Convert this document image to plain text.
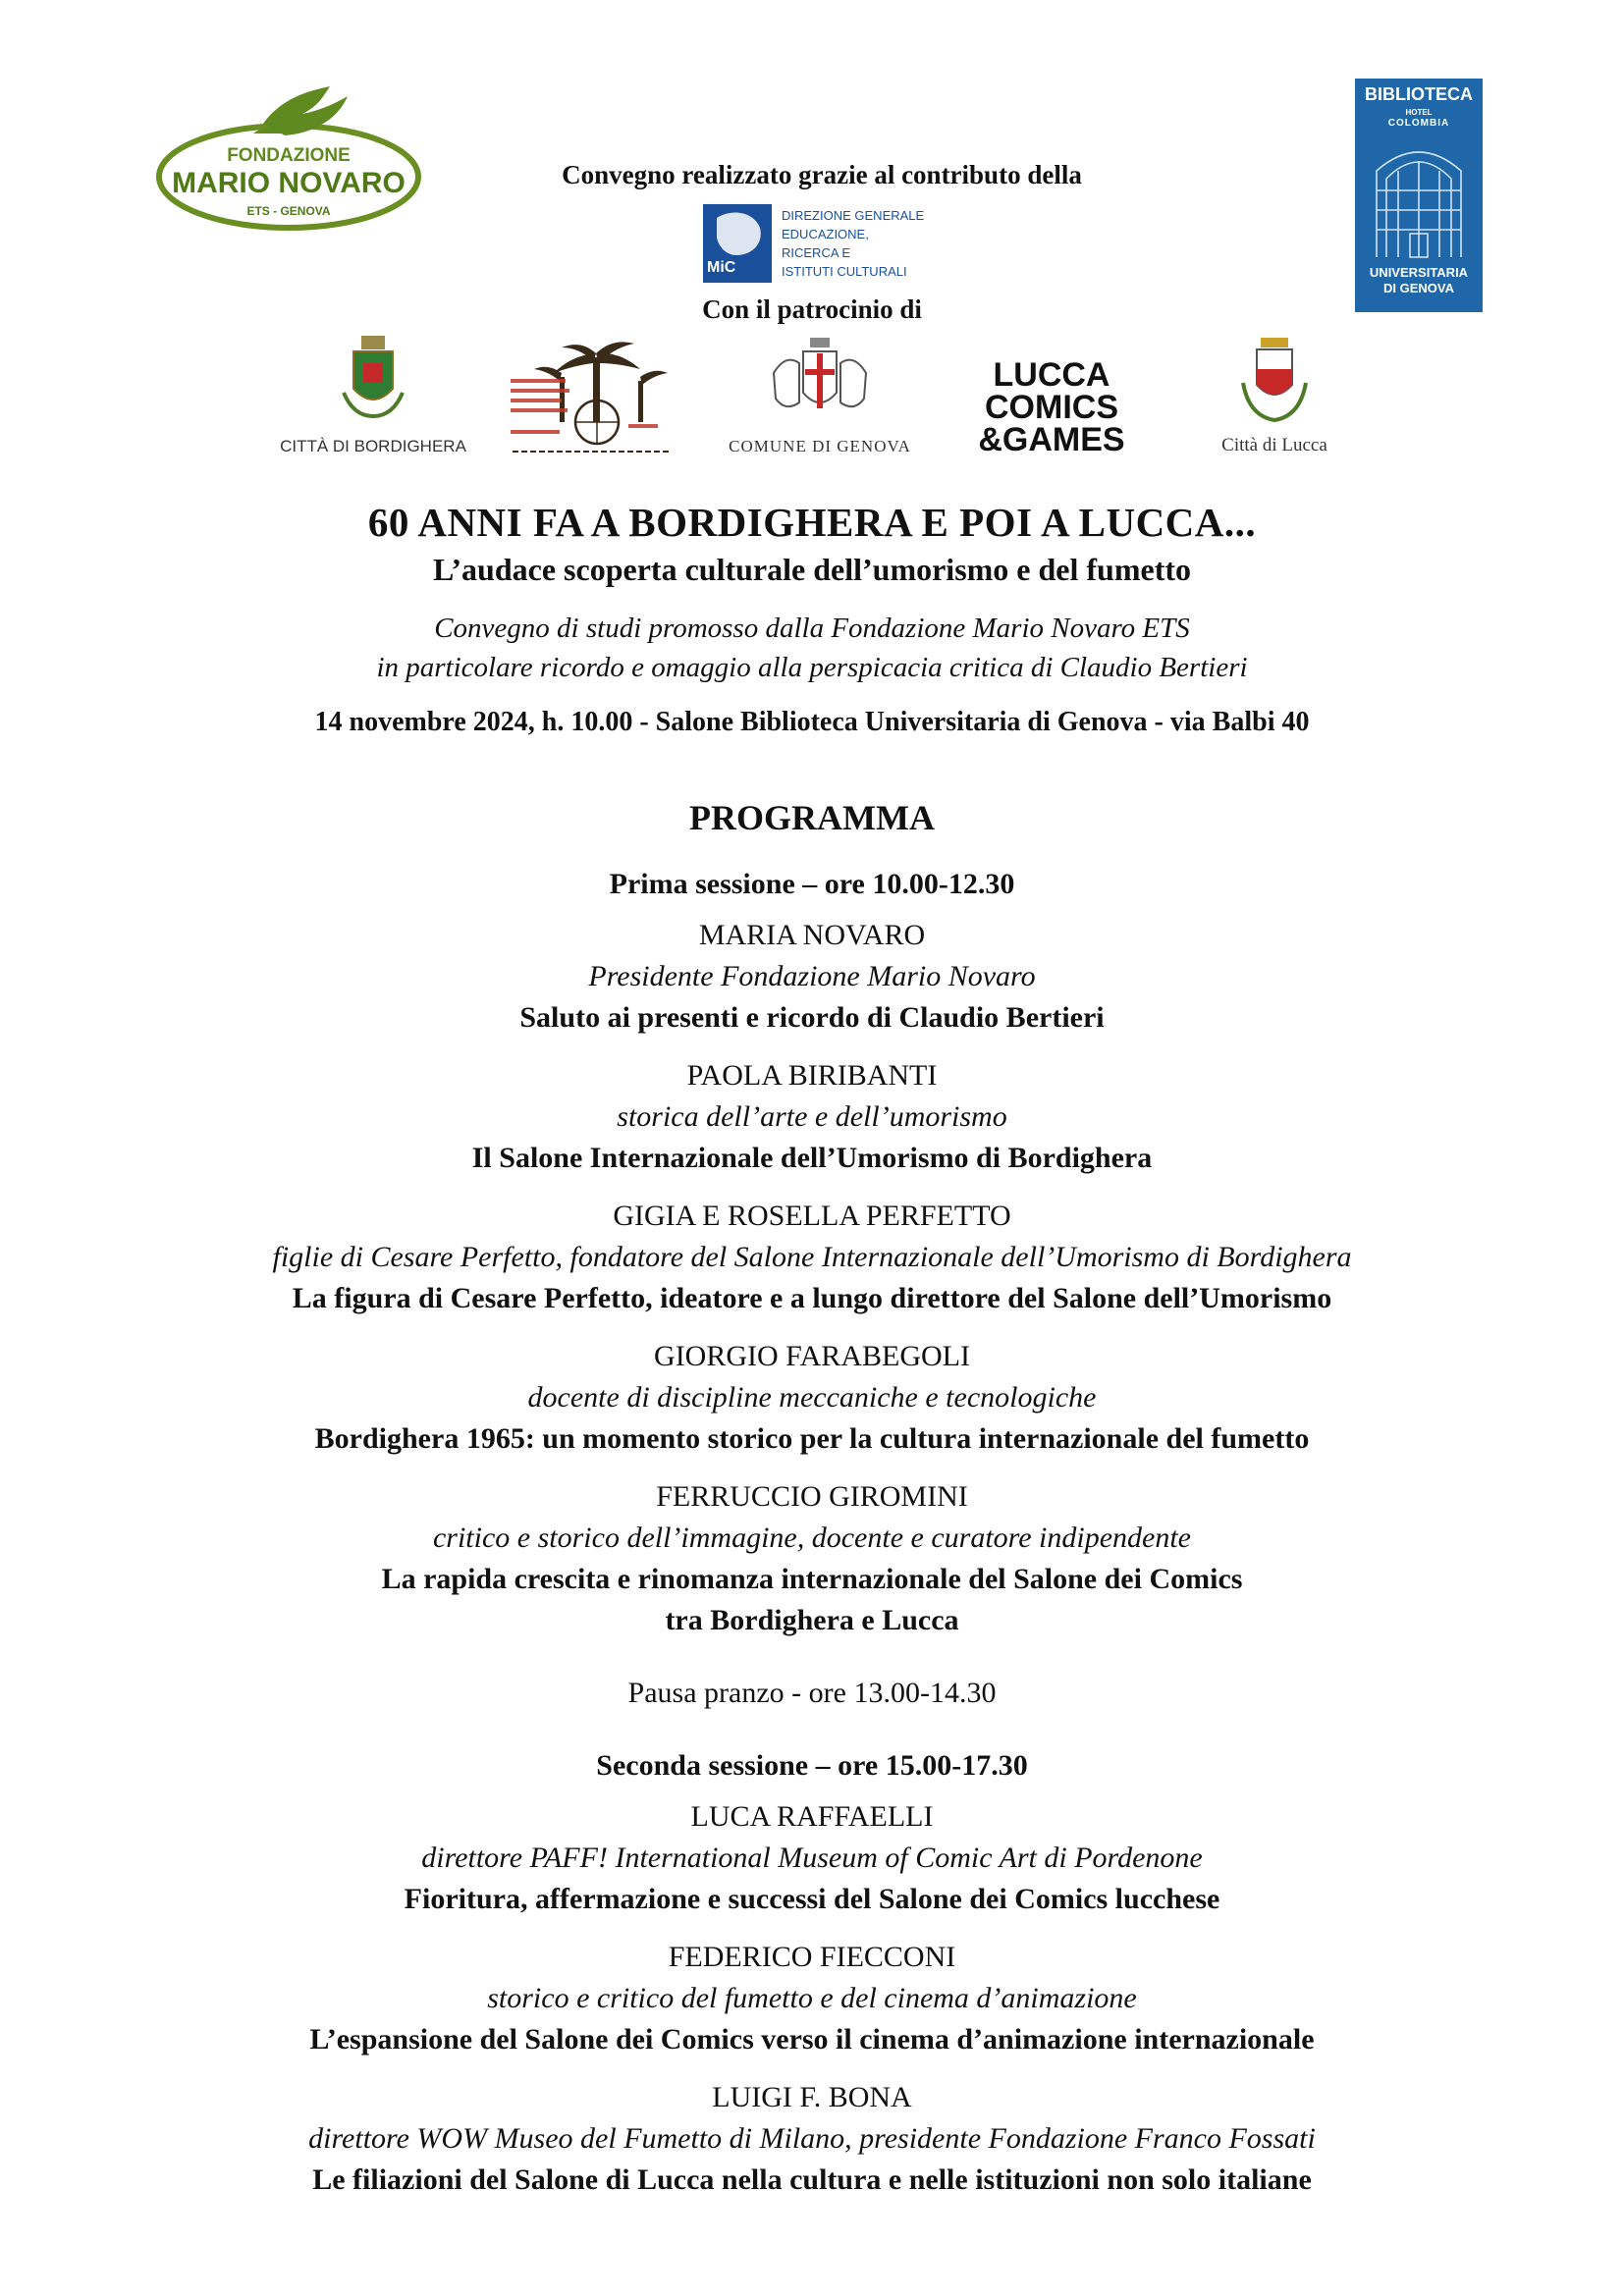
FONDAZIONE
MARIO NOVARO
ETS - GENOVA
BIBLIOTECA
HOTEL
COLOMBIA
UNIVERSITARIA
DI GENOVA
Convegno realizzato grazie al contributo della
MiC
DIREZIONE GENERALE
EDUCAZIONE,
RICERCA E
ISTITUTI CULTURALI
Con il patrocinio di
CITTÀ DI BORDIGHERA	COMUNE DI GENOVA
LUCCA
COMICS
&GAMES	Città di Lucca
60 ANNI FA A BORDIGHERA E POI A LUCCA...
L’audace scoperta culturale dell’umorismo e del fumetto
Convegno di studi promosso dalla Fondazione Mario Novaro ETS
in particolare ricordo e omaggio alla perspicacia critica di Claudio Bertieri
14 novembre 2024, h. 10.00 - Salone Biblioteca Universitaria di Genova - via Balbi 40
PROGRAMMA
Prima sessione – ore 10.00-12.30
MARIA NOVARO
Presidente Fondazione Mario Novaro
Saluto ai presenti e ricordo di Claudio Bertieri
PAOLA BIRIBANTI
storica dell’arte e dell’umorismo
Il Salone Internazionale dell’Umorismo di Bordighera
GIGIA E ROSELLA PERFETTO
figlie di Cesare Perfetto, fondatore del Salone Internazionale dell’Umorismo di Bordighera
La figura di Cesare Perfetto, ideatore e a lungo direttore del Salone dell’Umorismo
GIORGIO FARABEGOLI
docente di discipline meccaniche e tecnologiche
Bordighera 1965: un momento storico per la cultura internazionale del fumetto
FERRUCCIO GIROMINI
critico e storico dell’immagine, docente e curatore indipendente
La rapida crescita e rinomanza internazionale del Salone dei Comics
tra Bordighera e Lucca
Pausa pranzo - ore 13.00-14.30
Seconda sessione – ore 15.00-17.30
LUCA RAFFAELLI
direttore PAFF! International Museum of Comic Art di Pordenone
Fioritura, affermazione e successi del Salone dei Comics lucchese
FEDERICO FIECCONI
storico e critico del fumetto e del cinema d’animazione
L’espansione del Salone dei Comics verso il cinema d’animazione internazionale
LUIGI F. BONA
direttore WOW Museo del Fumetto di Milano, presidente Fondazione Franco Fossati
Le filiazioni del Salone di Lucca nella cultura e nelle istituzioni non solo italiane
